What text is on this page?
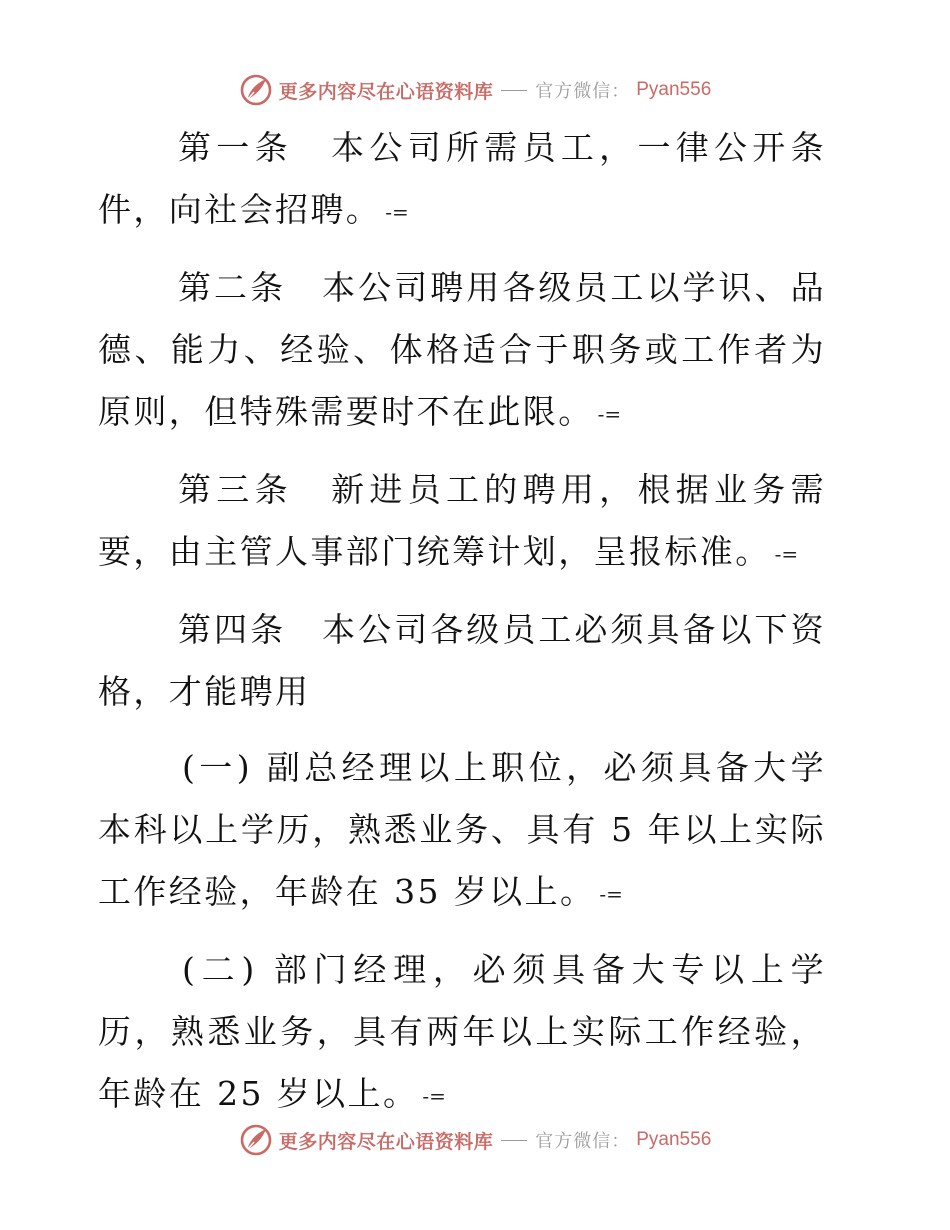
更多内容尽在心语资料库 官方微信： Pyan556

第一条　本公司所需员工，一律公开条件，向社会招聘。 -=

第二条　本公司聘用各级员工以学识、品德、能力、经验、体格适合于职务或工作者为原则，但特殊需要时不在此限。 -=

第三条　新进员工的聘用，根据业务需要，由主管人事部门统筹计划，呈报标准。 -=

第四条　本公司各级员工必须具备以下资格，才能聘用

(一) 副总经理以上职位，必须具备大学本科以上学历，熟悉业务、具有 5 年以上实际工作经验，年龄在 35 岁以上。 -=

(二) 部门经理，必须具备大专以上学历，熟悉业务，具有两年以上实际工作经验，年龄在 25 岁以上。 -=

更多内容尽在心语资料库 官方微信： Pyan556
